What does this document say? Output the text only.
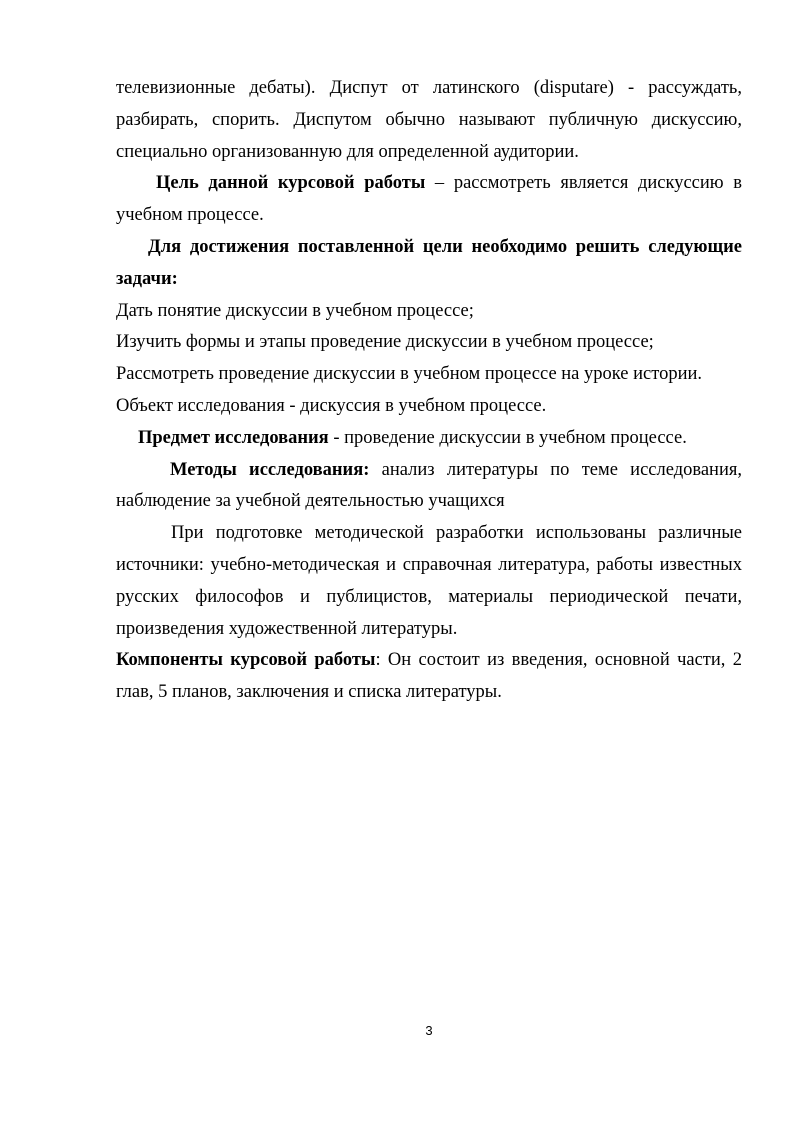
телевизионные дебаты). Диспут от латинского (disputare) - рассуждать, разбирать, спорить. Диспутом обычно называют публичную дискуссию, специально организованную для определенной аудитории.

Цель данной курсовой работы – рассмотреть является дискуссию в учебном процессе.

Для достижения поставленной цели необходимо решить следующие задачи:

Дать понятие дискуссии в учебном процессе;

Изучить формы и этапы проведение дискуссии в учебном процессе;

Рассмотреть проведение дискуссии в учебном процессе на уроке истории.

Объект исследования - дискуссия в учебном процессе.

Предмет исследования - проведение дискуссии в учебном процессе.

Методы исследования: анализ литературы по теме исследования, наблюдение за учебной деятельностью учащихся

При подготовке методической разработки использованы различные источники: учебно-методическая и справочная литература, работы известных русских философов и публицистов, материалы периодической печати, произведения художественной литературы.

Компоненты курсовой работы: Он состоит из введения, основной части, 2 глав, 5 планов, заключения и списка литературы.

3
